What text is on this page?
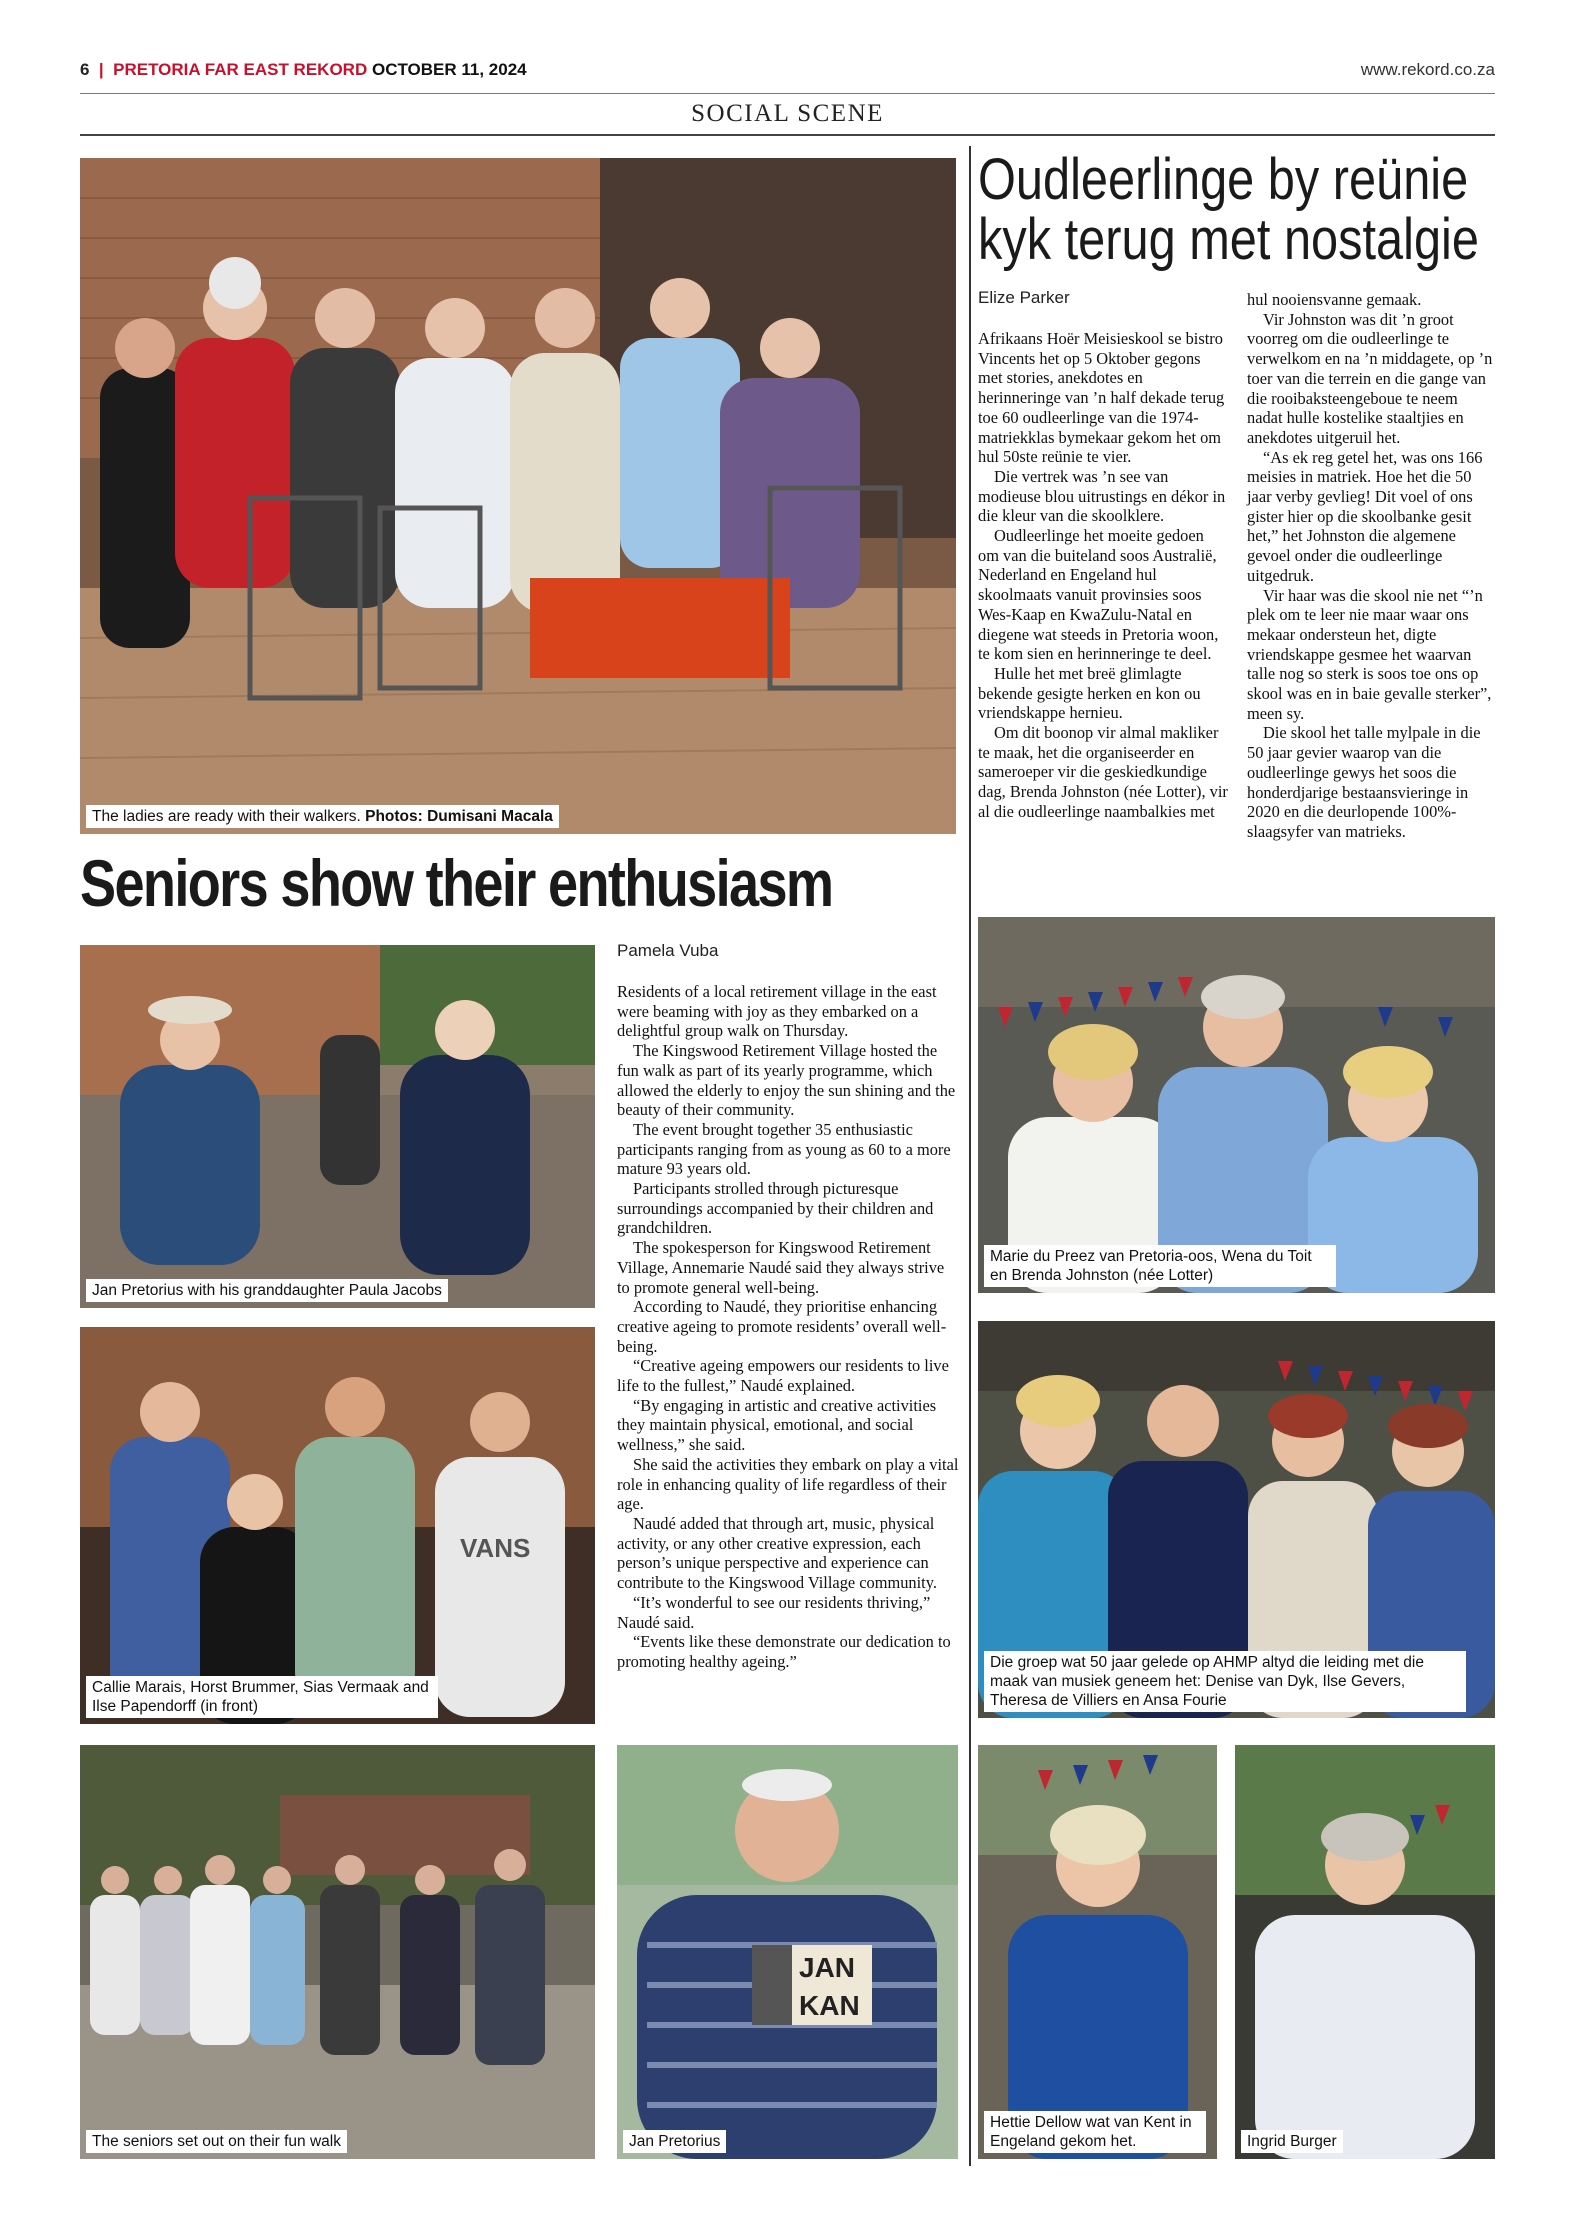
6 | PRETORIA FAR EAST REKORD OCTOBER 11, 2024	www.rekord.co.za
SOCIAL SCENE
The ladies are ready with their walkers. Photos: Dumisani Macala
Seniors show their enthusiasm
Jan Pretorius with his granddaughter Paula Jacobs
VANS
Callie Marais, Horst Brummer, Sias Vermaak and Ilse Papendorff (in front)
The seniors set out on their fun walk
JAN
KAN
Jan Pretorius
Pamela Vuba

Residents of a local retirement village in the east were beaming with joy as they embarked on a delightful group walk on Thursday.

The Kingswood Retirement Village hosted the fun walk as part of its yearly programme, which allowed the elderly to enjoy the sun shining and the beauty of their community.

The event brought together 35 enthusiastic participants ranging from as young as 60 to a more mature 93 years old.

Participants strolled through picturesque surroundings accompanied by their children and grandchildren.

The spokesperson for Kingswood Retirement Village, Annemarie Naudé said they always strive to promote general well-being.

According to Naudé, they prioritise enhancing creative ageing to promote residents’ overall well-being.

“Creative ageing empowers our residents to live life to the fullest,” Naudé explained.

“By engaging in artistic and creative activities they maintain physical, emotional, and social wellness,” she said.

She said the activities they embark on play a vital role in enhancing quality of life regardless of their age.

Naudé added that through art, music, physical activity, or any other creative expression, each person’s unique perspective and experience can contribute to the Kingswood Village community.

“It’s wonderful to see our residents thriving,” Naudé said.

“Events like these demonstrate our dedication to promoting healthy ageing.”

Oudleerlinge by reünie
kyk terug met nostalgie
Elize Parker

Afrikaans Hoër Meisieskool se bistro Vincents het op 5 Oktober gegons met stories, anekdotes en herinneringe van ’n half dekade terug toe 60 oudleerlinge van die 1974-matriekklas bymekaar gekom het om hul 50ste reünie te vier.

Die vertrek was ’n see van modieuse blou uitrustings en dékor in die kleur van die skoolklere.

Oudleerlinge het moeite gedoen om van die buiteland soos Australië, Nederland en Engeland hul skoolmaats vanuit provinsies soos Wes-Kaap en KwaZulu-Natal en diegene wat steeds in Pretoria woon, te kom sien en herinneringe te deel.

Hulle het met breë glimlagte bekende gesigte herken en kon ou vriendskappe hernieu.

Om dit boonop vir almal makliker te maak, het die organiseerder en sameroeper vir die geskiedkundige dag, Brenda Johnston (née Lotter), vir al die oudleerlinge naambalkies met

hul nooiensvanne gemaak.

Vir Johnston was dit ’n groot voorreg om die oudleerlinge te verwelkom en na ’n middagete, op ’n toer van die terrein en die gange van die rooibaksteengeboue te neem nadat hulle kostelike staaltjies en anekdotes uitgeruil het.

“As ek reg getel het, was ons 166 meisies in matriek. Hoe het die 50 jaar verby gevlieg! Dit voel of ons gister hier op die skoolbanke gesit het,” het Johnston die algemene gevoel onder die oudleerlinge uitgedruk.

Vir haar was die skool nie net “’n plek om te leer nie maar waar ons mekaar ondersteun het, digte vriendskappe gesmee het waarvan talle nog so sterk is soos toe ons op skool was en in baie gevalle sterker”, meen sy.

Die skool het talle mylpale in die 50 jaar gevier waarop van die oudleerlinge gewys het soos die honderdjarige bestaansvieringe in 2020 en die deurlopende 100%-slaagsyfer van matrieks.

Marie du Preez van Pretoria-oos, Wena du Toit en Brenda Johnston (née Lotter)
Die groep wat 50 jaar gelede op AHMP altyd die leiding met die maak van musiek geneem het: Denise van Dyk, Ilse Gevers, Theresa de Villiers en Ansa Fourie
Hettie Dellow wat van Kent in Engeland gekom het.	Ingrid Burger
